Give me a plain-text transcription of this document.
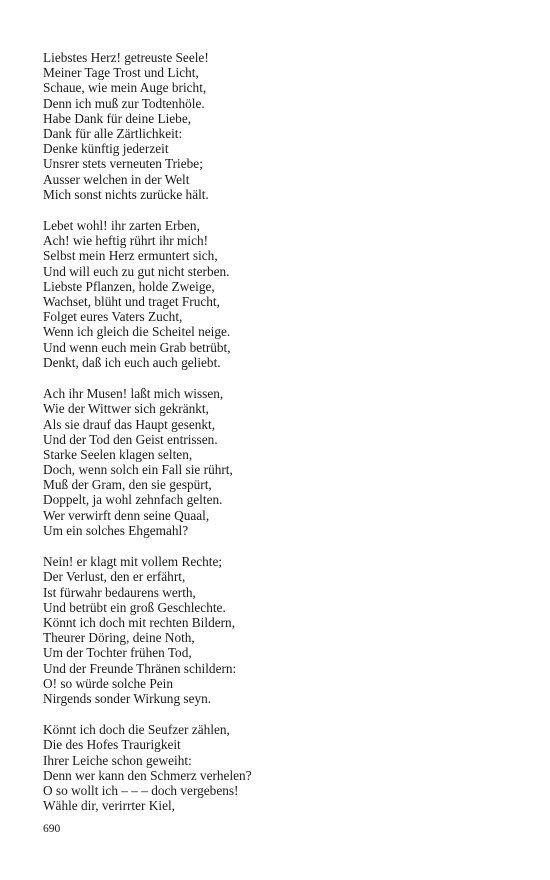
Liebstes Herz! getreuste Seele!
Meiner Tage Trost und Licht,
Schaue, wie mein Auge bricht,
Denn ich muß zur Todtenhöle.
Habe Dank für deine Liebe,
Dank für alle Zärtlichkeit:
Denke künftig jederzeit
Unsrer stets verneuten Triebe;
Ausser welchen in der Welt
Mich sonst nichts zurücke hält.
Lebet wohl! ihr zarten Erben,
Ach! wie heftig rührt ihr mich!
Selbst mein Herz ermuntert sich,
Und will euch zu gut nicht sterben.
Liebste Pflanzen, holde Zweige,
Wachset, blüht und traget Frucht,
Folget eures Vaters Zucht,
Wenn ich gleich die Scheitel neige.
Und wenn euch mein Grab betrübt,
Denkt, daß ich euch auch geliebt.
Ach ihr Musen! laßt mich wissen,
Wie der Wittwer sich gekränkt,
Als sie drauf das Haupt gesenkt,
Und der Tod den Geist entrissen.
Starke Seelen klagen selten,
Doch, wenn solch ein Fall sie rührt,
Muß der Gram, den sie gespürt,
Doppelt, ja wohl zehnfach gelten.
Wer verwirft denn seine Quaal,
Um ein solches Ehgemahl?
Nein! er klagt mit vollem Rechte;
Der Verlust, den er erfährt,
Ist fürwahr bedaurens werth,
Und betrübt ein groß Geschlechte.
Könnt ich doch mit rechten Bildern,
Theurer Döring, deine Noth,
Um der Tochter frühen Tod,
Und der Freunde Thränen schildern:
O! so würde solche Pein
Nirgends sonder Wirkung seyn.
Könnt ich doch die Seufzer zählen,
Die des Hofes Traurigkeit
Ihrer Leiche schon geweiht:
Denn wer kann den Schmerz verhelen?
O so wollt ich – – – doch vergebens!
Wähle dir, verirrter Kiel,
690
